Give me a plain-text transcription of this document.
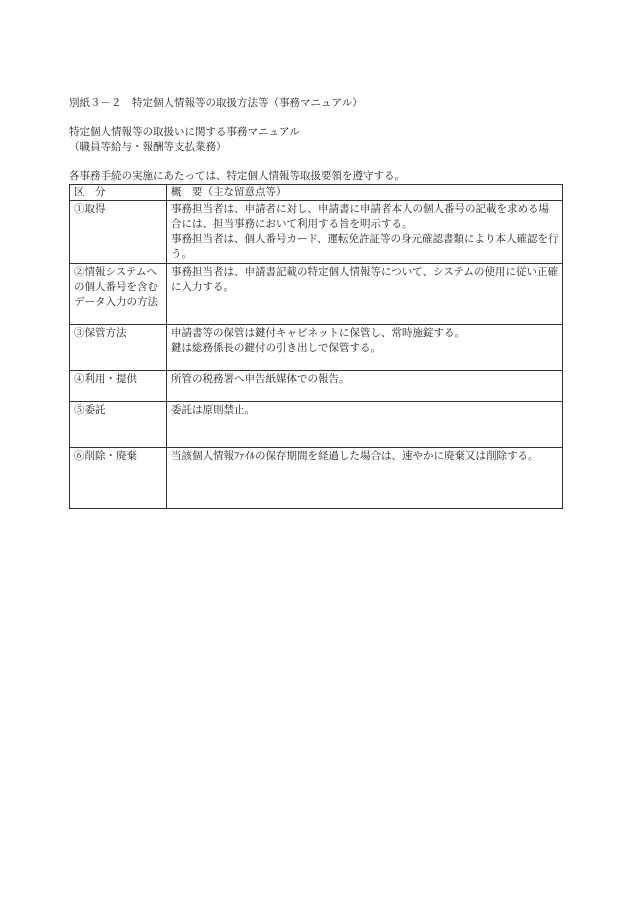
別紙３－２　特定個人情報等の取扱方法等（事務マニュアル）
特定個人情報等の取扱いに関する事務マニュアル
（職員等給与・報酬等支払業務）
各事務手続の実施にあたっては、特定個人情報等取扱要領を遵守する。
区　分	概　要（主な留意点等）
①取得	事務担当者は、申請者に対し、申請書に申請者本人の個人番号の記載を求める場合には、担当事務において利用する旨を明示する。
事務担当者は、個人番号カード、運転免許証等の身元確認書類により本人確認を行う。

②情報システムへの個人番号を含むデータ入力の方法	事務担当者は、申請書記載の特定個人情報等について、システムの使用に従い正確に入力する。

③保管方法	申請書等の保管は鍵付キャビネットに保管し、常時施錠する。
鍵は総務係長の鍵付の引き出しで保管する。

④利用・提供	所管の税務署へ申告紙媒体での報告。

⑤委託	委託は原則禁止。

⑥削除・廃棄	当該個人情報ﾌｧｲﾙの保存期間を経過した場合は、速やかに廃棄又は削除する。
